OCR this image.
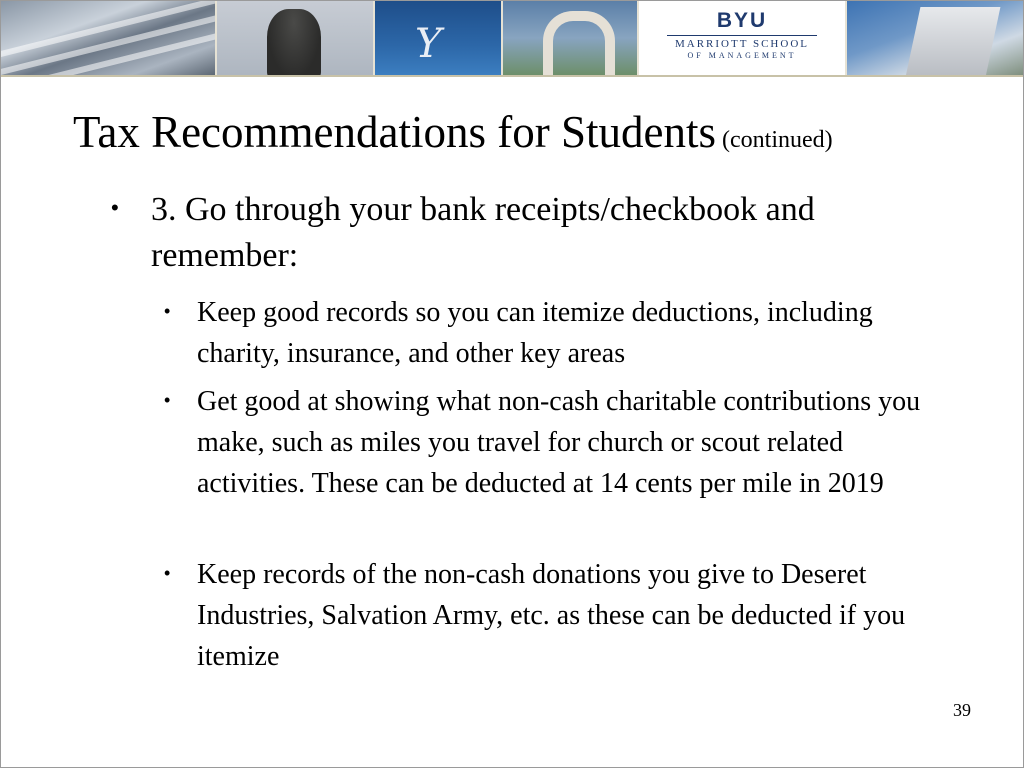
Y
BYU
MARRIOTT SCHOOL
OF MANAGEMENT
Tax Recommendations for Students (continued)
• 3. Go through your bank receipts/checkbook and remember:
• Keep good records so you can itemize deductions, including charity, insurance, and other key areas
• Get good at showing what non-cash charitable contributions you make, such as miles you travel for church or scout related activities. These can be deducted at 14 cents per mile in 2019
• Keep records of the non-cash donations you give to Deseret Industries, Salvation Army, etc. as these can be deducted if you itemize
39
